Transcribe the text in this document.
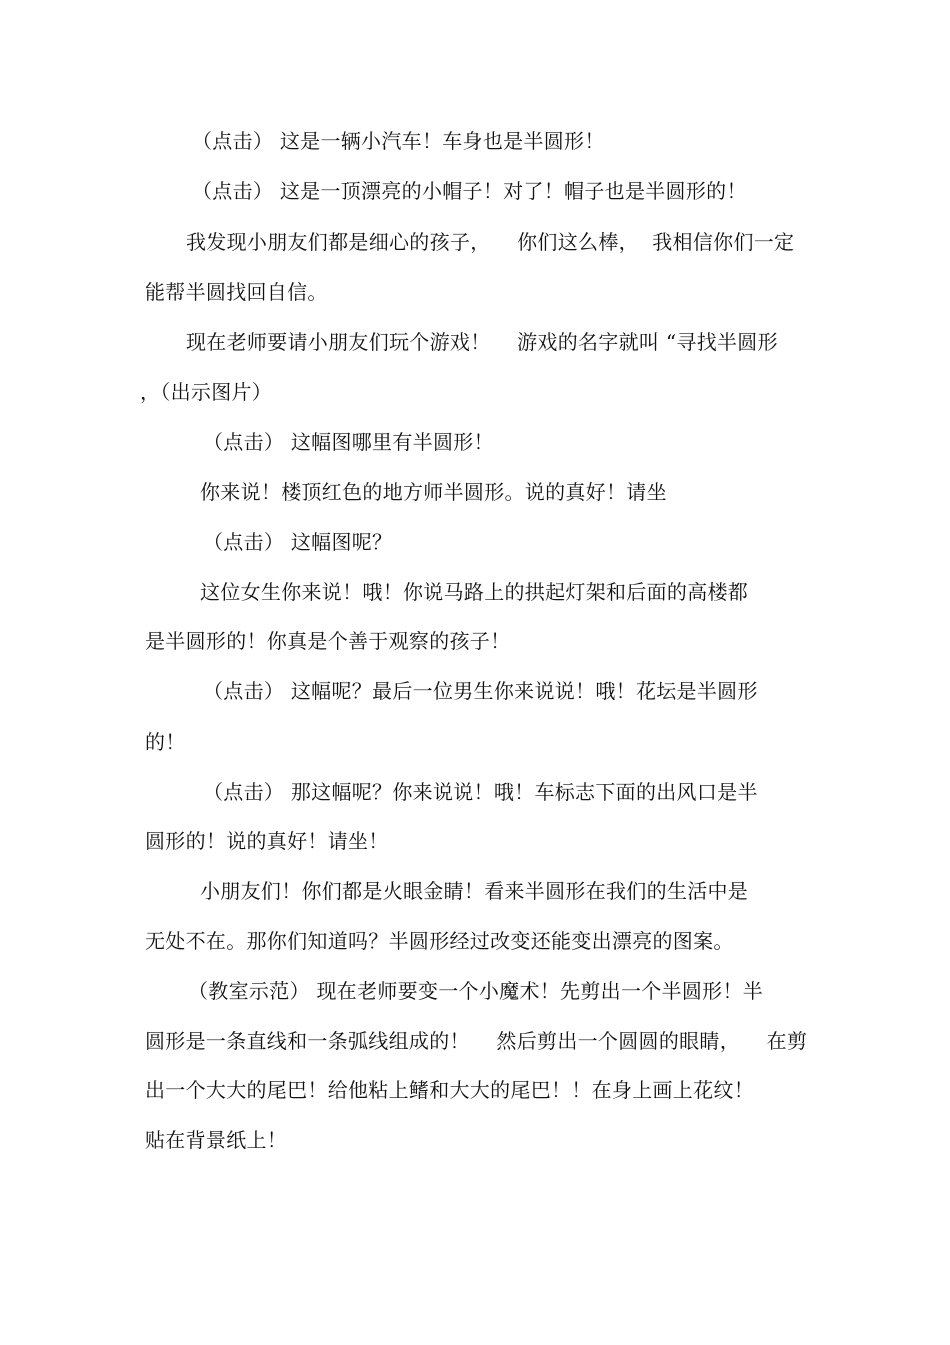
（点击） 这是一辆小汽车！车身也是半圆形！
（点击） 这是一顶漂亮的小帽子！对了！帽子也是半圆形的！
我发现小朋友们都是细心的孩子，    你们这么棒，  我相信你们一定
能帮半圆找回自信。
现在老师要请小朋友们玩个游戏！    游戏的名字就叫 “寻找半圆形
，（出示图片）
（点击） 这幅图哪里有半圆形！
你来说！楼顶红色的地方师半圆形。说的真好！请坐
（点击） 这幅图呢？
这位女生你来说！哦！你说马路上的拱起灯架和后面的高楼都
是半圆形的！你真是个善于观察的孩子！
（点击） 这幅呢？最后一位男生你来说说！哦！花坛是半圆形
的！
（点击） 那这幅呢？你来说说！哦！车标志下面的出风口是半
圆形的！说的真好！请坐！
小朋友们！你们都是火眼金睛！看来半圆形在我们的生活中是
无处不在。那你们知道吗？半圆形经过改变还能变出漂亮的图案。
（教室示范） 现在老师要变一个小魔术！先剪出一个半圆形！半
圆形是一条直线和一条弧线组成的！    然后剪出一个圆圆的眼睛，    在剪
出一个大大的尾巴！给他粘上鳍和大大的尾巴！！在身上画上花纹！
贴在背景纸上！
